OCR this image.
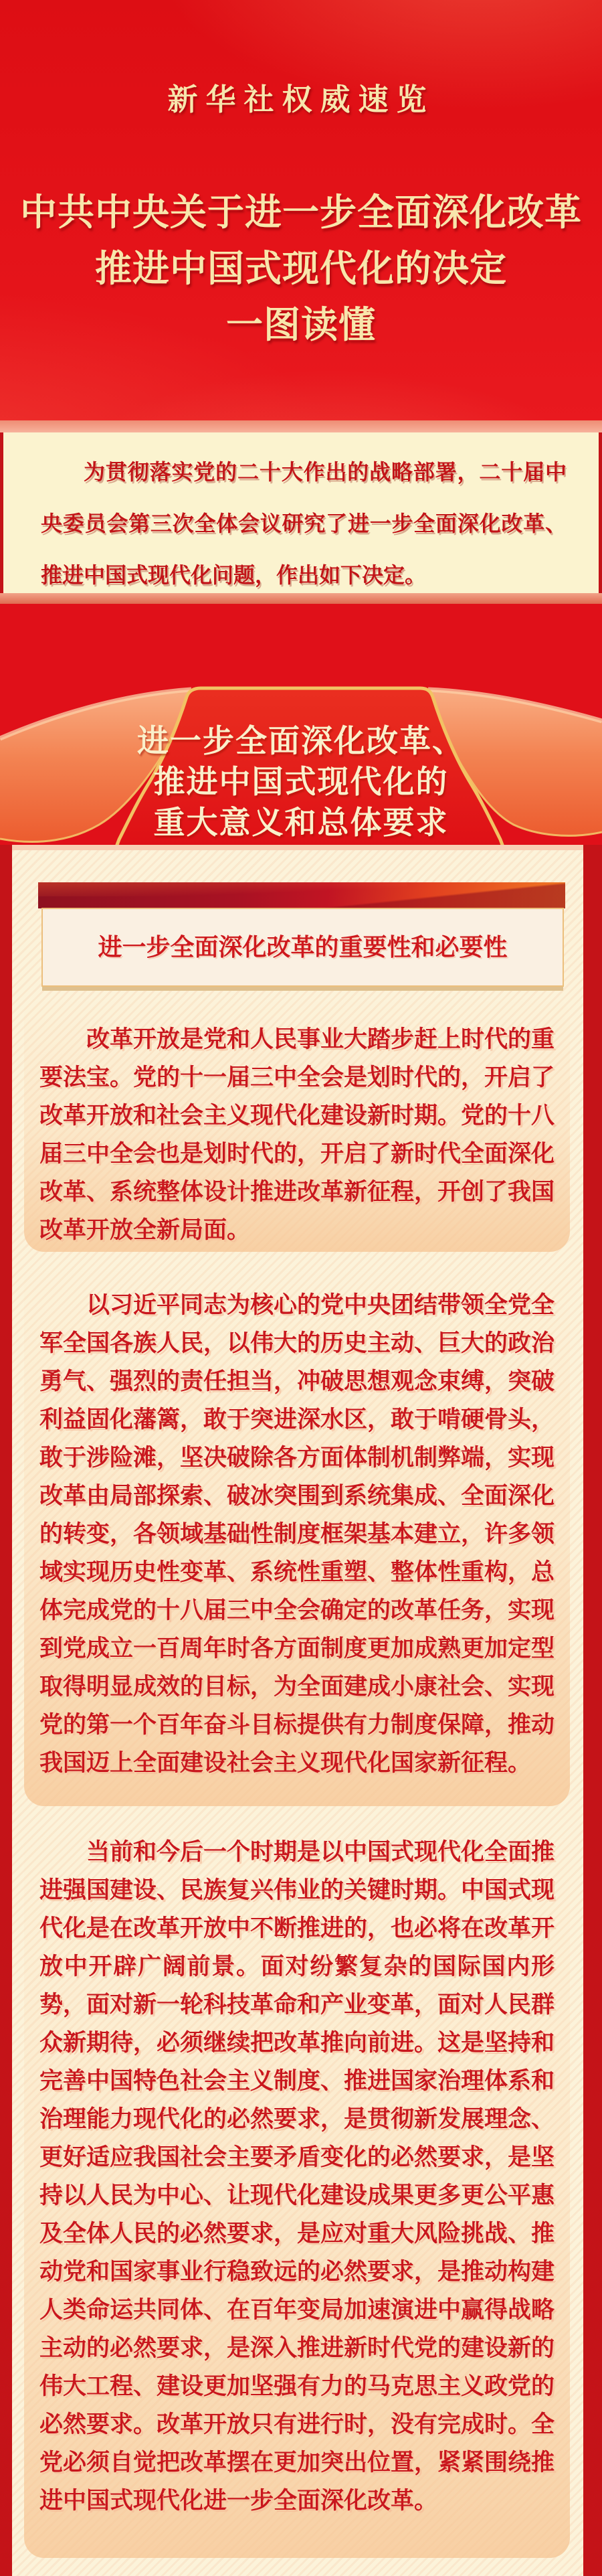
新华社权威速览
中共中央关于进一步全面深化改革
推进中国式现代化的决定
一图读懂

为贯彻落实党的二十大作出的战略部署，二十届中央委员会第三次全体会议研究了进一步全面深化改革、推进中国式现代化问题，作出如下决定。

进一步全面深化改革、
推进中国式现代化的
重大意义和总体要求
进一步全面深化改革的重要性和必要性

改革开放是党和人民事业大踏步赶上时代的重要法宝。党的十一届三中全会是划时代的，开启了改革开放和社会主义现代化建设新时期。党的十八届三中全会也是划时代的，开启了新时代全面深化改革、系统整体设计推进改革新征程，开创了我国改革开放全新局面。

以习近平同志为核心的党中央团结带领全党全军全国各族人民，以伟大的历史主动、巨大的政治勇气、强烈的责任担当，冲破思想观念束缚，突破利益固化藩篱，敢于突进深水区，敢于啃硬骨头，敢于涉险滩，坚决破除各方面体制机制弊端，实现改革由局部探索、破冰突围到系统集成、全面深化的转变，各领域基础性制度框架基本建立，许多领域实现历史性变革、系统性重塑、整体性重构，总体完成党的十八届三中全会确定的改革任务，实现到党成立一百周年时各方面制度更加成熟更加定型取得明显成效的目标，为全面建成小康社会、实现党的第一个百年奋斗目标提供有力制度保障，推动我国迈上全面建设社会主义现代化国家新征程。

当前和今后一个时期是以中国式现代化全面推进强国建设、民族复兴伟业的关键时期。中国式现代化是在改革开放中不断推进的，也必将在改革开放中开辟广阔前景。面对纷繁复杂的国际国内形势，面对新一轮科技革命和产业变革，面对人民群众新期待，必须继续把改革推向前进。这是坚持和完善中国特色社会主义制度、推进国家治理体系和治理能力现代化的必然要求，是贯彻新发展理念、更好适应我国社会主要矛盾变化的必然要求，是坚持以人民为中心、让现代化建设成果更多更公平惠及全体人民的必然要求，是应对重大风险挑战、推动党和国家事业行稳致远的必然要求，是推动构建人类命运共同体、在百年变局加速演进中赢得战略主动的必然要求，是深入推进新时代党的建设新的伟大工程、建设更加坚强有力的马克思主义政党的必然要求。改革开放只有进行时，没有完成时。全党必须自觉把改革摆在更加突出位置，紧紧围绕推进中国式现代化进一步全面深化改革。
